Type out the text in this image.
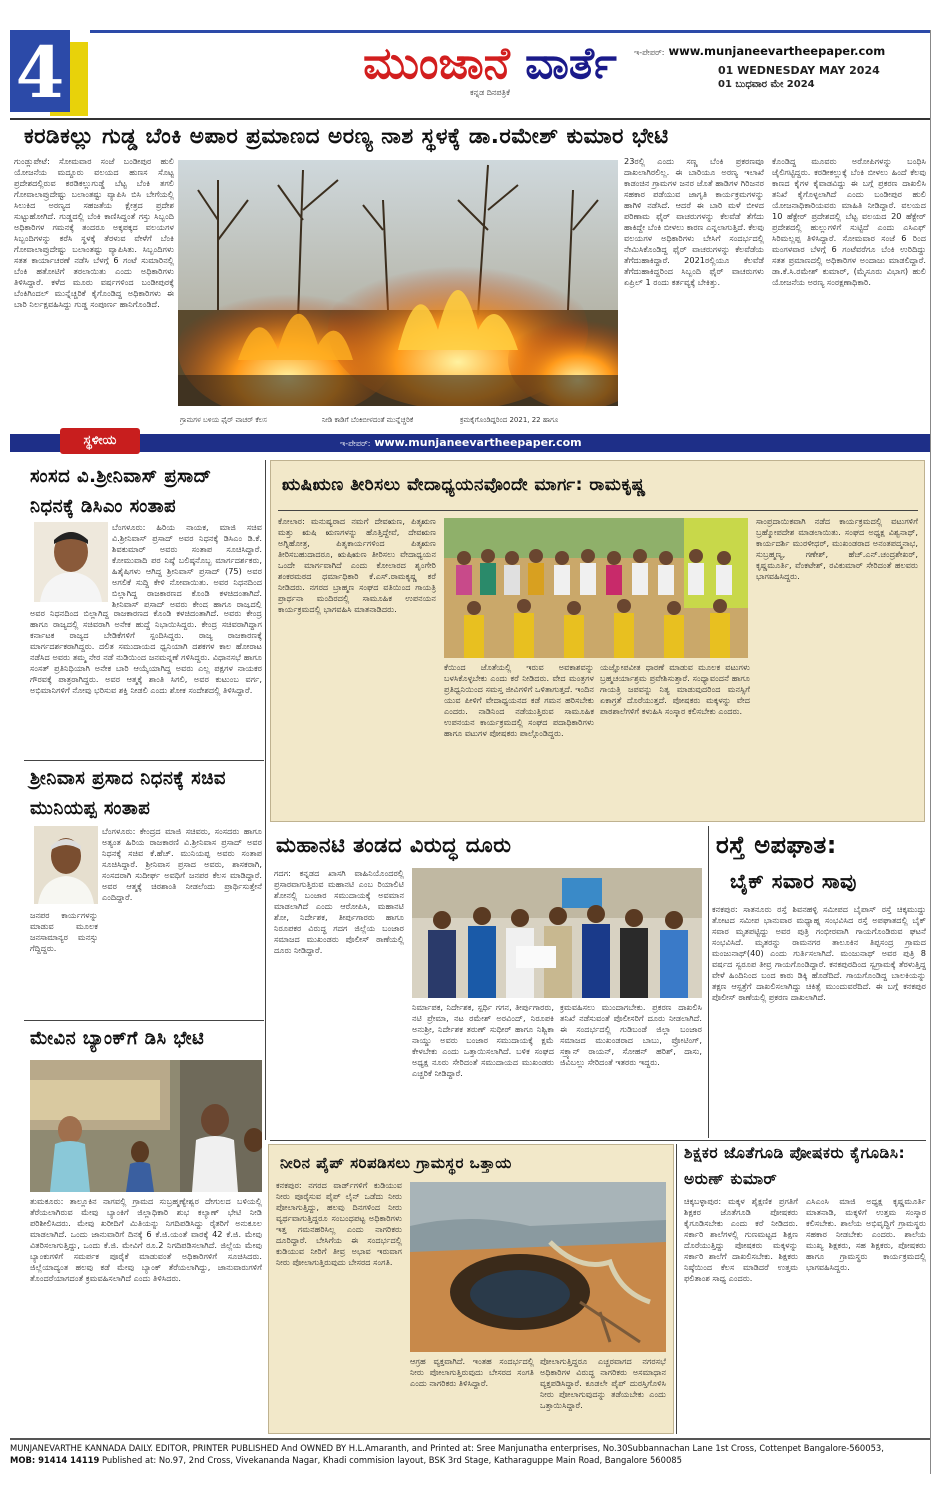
4	ಮುಂಜಾನೆ ವಾರ್ತೆ
ಕನ್ನಡ ದಿನಪತ್ರಿಕೆ
ಇ-ಪೇಪರ್: www.munjaneevartheepaper.com
01 WEDNESDAY MAY 2024
01 ಬುಧವಾರ ಮೇ 2024
ಕರಡಿಕಲ್ಲು ಗುಡ್ಡ ಬೆಂಕಿ ಅಪಾರ ಪ್ರಮಾಣದ ಅರಣ್ಯ ನಾಶ ಸ್ಥಳಕ್ಕೆ ಡಾ.ರಮೇಶ್ ಕುಮಾರ ಭೇಟಿ
ಗುಂಡ್ಲುಪೇಟೆ: ಸೋಮವಾರ ಸಂಜೆ ಬಂಡೀಪುರ ಹುಲಿ ಯೋಜನೆಯ ಮದ್ದೂರು ವಲಯದ ಹುಣಸ ಸೊಟ್ಟ ಪ್ರದೇಶದಲ್ಲಿರುವ ಕರಡಿಕಲ್ಲುಗುಡ್ಡೆ ಬೆಟ್ಟ ಬೆಂಕಿ ತಗಲಿ ಗೋವಾಲಾಪ್ರುದೇಷ್ಟು ಬಲಾಂತಷ್ಟು ವ್ಯಾಪಿಸಿ ಬಿಸಿ ಬೇಗೆಯಲ್ಲಿ ಸಿಲುಕಿದ ಅರಣ್ಯದ ಸಹಜತೆಯ ಕ್ಷೇತ್ರದ ಪ್ರದೇಶ ಸುಟ್ಟುಹೋಗಿದೆ. ಗುಡ್ಡದಲ್ಲಿ ಬೆಂಕಿ ಕಾಣಿಸಿದ್ದಂತೆ ಗಸ್ತು ಸಿಬ್ಬಂದಿ ಅಧಿಕಾರಿಗಳ ಗಮನಕ್ಕೆ ತಂದರೂ ಅಕ್ಕಪಕ್ಕದ ವಲಯಗಳ ಸಿಬ್ಬಂದಿಗಳನ್ನು ಕರೆಸಿ ಸ್ಥಳಕ್ಕೆ ತೆರಳುವ ವೇಳೆಗೆ ಬೆಂಕಿ ಗೋವಾಲಾಪ್ರುದೇಷ್ಟು ಬಲಾಂತಷ್ಟು ವ್ಯಾಪಿಸಿತು. ಸಿಬ್ಬಂದಿಗಳು ಸತತ ಕಾರ್ಯಾಚರಣೆ ನಡೆಸಿ ಬೆಳಗ್ಗೆ 6 ಗಂಟೆ ಸುಮಾರಿನಲ್ಲಿ ಬೆಂಕಿ ಹತೋಟಿಗೆ ತರಲಾಯಿತು ಎಂದು ಅಧಿಕಾರಿಗಳು ತಿಳಿಸಿದ್ದಾರೆ. ಕಳೆದ ಮೂರು ವರ್ಷಗಳಿಂದ ಬಂಡೀಪುರಕ್ಕೆ ಬೆಂಕಿಗಿಂದಲ್ ಮುನ್ನೆಚ್ಚರಿಕೆ ಕೈಗೊಂಡಿದ್ದ ಅಧಿಕಾರಿಗಳು ಈ ಬಾರಿ ನಿರ್ಲಕ್ಷವಹಿಸಿದ್ದು ಗುಡ್ಡ ಸಂಪೂರ್ಣ ಹಾನಿಗೊಂಡಿದೆ.
ಗ್ರಾಮಗಳ ಬಳಿಯ ಫೈರ್ ವಾಚರ್ ಕೆಲಸ	ನೀಡಿ ಕಾಡಿಗೆ ಬೆಂಕಿಬೀಳದಂತೆ ಮುನ್ನೆಚ್ಚರಿಕೆ	ಕ್ರಮಕೈಗೊಂಡಿದ್ದರಿಂದ 2021, 22 ಹಾಗೂ
23ರಲ್ಲಿ ಎಂದು ಸಣ್ಣ ಬೆಂಕಿ ಪ್ರಕರಣವೂ ದಾಖಲಾಗಿರಲಿಲ್ಲ. ಈ ಬಾರಿಯೂ ಅರಣ್ಯ ಇಲಾಖೆ ಕಾಡಂಚಿನ ಗ್ರಾಮಗಳ ಜನರ ಜೊತೆ ಹಾಡಿಗಳ ಗಿರಿಜನರ ಸಹಕಾರ ಪಡೆಯುವ ಜಾಗೃತಿ ಕಾರ್ಯಕ್ರಮಗಳನ್ನು ಹಾಗಿಳಿ ನಡೆಸಿದೆ. ಆದರೆ ಈ ಬಾರಿ ಮಳೆ ಬೀಳದ ಪರಿಣಾಮ ಫೈರ್ ವಾಚರುಗಳನ್ನು ಕೆಲವೆಡೆ ತೆಗೆದು ಹಾಕಿದ್ದೇ ಬೆಂಕಿ ಬೀಳಲು ಕಾರಣ ಎನ್ನಲಾಗುತ್ತಿದೆ. ಕೆಲವು ವಲಯಗಳ ಅಧಿಕಾರಿಗಳು ಬೇಸಿಗೆ ಸಂದರ್ಭದಲ್ಲಿ ನೇಮಿಸಿಕೊಂಡಿದ್ದ ಫೈರ್ ವಾಚರುಗಳನ್ನು ಕೆಲವೆಡೆಯ ತೆಗೆದುಹಾಕಿದ್ದಾರೆ. 2021ರಲ್ಲಿಯೂ ಕೆಲವೆಡೆ ತೆಗೆದುಹಾಕಿದ್ದರಿಂದ ಸಿಬ್ಬಂದಿ ಫೈರ್ ವಾಚರುಗಳು ಏಪ್ರಿಲ್ 1 ರಂದು ಕರ್ತವ್ಯಕ್ಕೆ ಬೇಕಿತ್ತು.
ಕೊಂಡಿದ್ದ ಮೂವರು ಅರೋಪಿಗಳನ್ನು ಬಂಧಿಸಿ ಜೈಲಿಗಟ್ಟಿದ್ದರು. ಕರಡೀಕಲ್ಲುಕ್ಕೆ ಬೆಂಕಿ ಬೀಳಲು ಹಿಂದೆ ಕೆಲವು ಕಾಣದ ಕೈಗಳ ಕೈವಾಡವಿದ್ದು ಈ ಬಗ್ಗೆ ಪ್ರಕರಣ ದಾಖಲಿಸಿ ತನಿಖೆ ಕೈಗೊಳ್ಳಲಾಗಿದೆ ಎಂದು ಬಂಡೀಪುರ ಹುಲಿ ಯೋಜನಾಧಿಕಾರಿಯವರು ಮಾಹಿತಿ ನೀಡಿದ್ದಾರೆ. ವಲಯದ 10 ಹೆಕ್ಟೇರ್ ಪ್ರದೇಶದಲ್ಲಿ ಬೆಟ್ಟ ವಲಯದ 20 ಹೆಕ್ಟೇರ್ ಪ್ರದೇಶದಲ್ಲಿ ಹುಲ್ಲುಗಳಿಗೆ ಸುಟ್ಟಿದೆ ಎಂದು ಎಸಿಎಫ್ ಸಿರಿಮಲ್ಲಪ್ಪ ತಿಳಿಸಿದ್ದಾರೆ. ಸೋಮವಾರ ಸಂಜೆ 6 ರಿಂದ ಮಂಗಳವಾರ ಬೆಳಗ್ಗೆ 6 ಗಂಟೆವರೆಗೂ ಬೆಂಕಿ ಉರಿದಿದ್ದು ಸತತ ಪ್ರಮಾಣದಲ್ಲಿ ಅಧಿಕಾರಿಗಳ ಅಂದಾಜು ಮಾಡಲಿದ್ದಾರೆ. ಡಾ.ಕೆ.ಸಿ.ರಮೇಶ್ ಕುಮಾರ್, (ಮೈಸೂರು ವಿಭಾಗ) ಹುಲಿ ಯೋಜನೆಯ ಅರಣ್ಯ ಸಂರಕ್ಷಣಾಧಿಕಾರಿ.
ಇ-ಪೇಪರ್: www.munjaneevartheepaper.com
ಸ್ಥಳೀಯ
ಸಂಸದ ವಿ.ಶ್ರೀನಿವಾಸ್ ಪ್ರಸಾದ್ ನಿಧನಕ್ಕೆ ಡಿಸಿಎಂ ಸಂತಾಪ
ಬೆಂಗಳೂರು: ಹಿರಿಯ ನಾಯಕ, ಮಾಜಿ ಸಚಿವ ವಿ.ಶ್ರೀನಿವಾಸ್ ಪ್ರಸಾದ್ ಅವರ ನಿಧನಕ್ಕೆ ಡಿಸಿಎಂ ಡಿ.ಕೆ. ಶಿವಕುಮಾರ್ ಅವರು ಸಂತಾಪ ಸೂಚಿಸಿದ್ದಾರೆ. ಕೋಮುವಾದಿ ಪರ ನಿಷ್ಠೆ ಬಲಿಷ್ಠನೊಬ್ಬ ಮಾರ್ಗದರ್ಶಕರು, ಹಿತೈಷಿಗಳು ಆಗಿದ್ದ ಶ್ರೀನಿವಾಸ್ ಪ್ರಸಾದ್ (75) ಅವರ ಅಗಲಿಕೆ ಸುದ್ದಿ ಕೇಳಿ ನೋವಾಯಿತು. ಅವರ ನಿಧನದಿಂದ ಬಿಲ್ಲಾಗಿದ್ದ ರಾಜಕಾರಣದ ಕೊಂಡಿ ಕಳಚಿದಂತಾಗಿದೆ. ಶ್ರೀನಿವಾಸ್ ಪ್ರಸಾದ್ ಅವರು ಕೇಂದ್ರ ಹಾಗೂ ರಾಜ್ಯದಲ್ಲಿ
ಅವರ ನಿಧನದಿಂದ ಬಿಲ್ಲಾಗಿದ್ದ ರಾಜಕಾರಣದ ಕೊಂಡಿ ಕಳಚಿದಂತಾಗಿದೆ. ಅವರು ಕೇಂದ್ರ ಹಾಗೂ ರಾಜ್ಯದಲ್ಲಿ ಸಚಿವರಾಗಿ ಅನೇಕ ಹುದ್ದೆ ನಿಭಾಯಿಸಿದ್ದರು. ಕೇಂದ್ರ ಸಚಿವರಾಗಿದ್ದಾಗ ಕರ್ನಾಟಕ ರಾಜ್ಯದ ಬೇಡಿಕೆಗಳಿಗೆ ಸ್ಪಂದಿಸಿದ್ದರು. ರಾಜ್ಯ ರಾಜಕಾರಣಕ್ಕೆ ಮಾರ್ಗದರ್ಶಕರಾಗಿದ್ದರು. ದಲಿತ ಸಮುದಾಯದ ಧ್ವನಿಯಾಗಿ ದಶಕಗಳ ಕಾಲ ಹೋರಾಟ ನಡೆಸಿದ ಅವರು ತಮ್ಮ ನೇರ ನಡೆ ನುಡಿಯಿಂದ ಜನಮನ್ನಣೆ ಗಳಿಸಿದ್ದರು. ವಿಧಾನಸಭೆ ಹಾಗೂ ಸಂಸತ್ ಪ್ರತಿನಿಧಿಯಾಗಿ ಅನೇಕ ಬಾರಿ ಆಯ್ಕೆಯಾಗಿದ್ದ ಅವರು ಎಲ್ಲ ಪಕ್ಷಗಳ ನಾಯಕರ ಗೌರವಕ್ಕೆ ಪಾತ್ರರಾಗಿದ್ದರು. ಅವರ ಆತ್ಮಕ್ಕೆ ಶಾಂತಿ ಸಿಗಲಿ, ಅವರ ಕುಟುಂಬ ವರ್ಗ, ಅಭಿಮಾನಿಗಳಿಗೆ ನೋವು ಭರಿಸುವ ಶಕ್ತಿ ನೀಡಲಿ ಎಂದು ಶೋಕ ಸಂದೇಶದಲ್ಲಿ ತಿಳಿಸಿದ್ದಾರೆ.
ಶ್ರೀನಿವಾಸ ಪ್ರಸಾದ ನಿಧನಕ್ಕೆ ಸಚಿವ ಮುನಿಯಪ್ಪ ಸಂತಾಪ
ಬೆಂಗಳೂರು: ಕೇಂದ್ರದ ಮಾಜಿ ಸಚಿವರು, ಸಂಸದರು ಹಾಗೂ ಅತ್ಯಂತ ಹಿರಿಯ ರಾಜಕಾರಣಿ ವಿ.ಶ್ರೀನಿವಾಸ ಪ್ರಸಾದ್ ಅವರ ನಿಧನಕ್ಕೆ ಸಚಿವ ಕೆ.ಹೆಚ್. ಮುನಿಯಪ್ಪ ಅವರು ಸಂತಾಪ ಸೂಚಿಸಿದ್ದಾರೆ. ಶ್ರೀನಿವಾಸ ಪ್ರಸಾದ ಅವರು, ಶಾಸಕರಾಗಿ, ಸಂಸದರಾಗಿ ಸುದೀರ್ಘ ಅವಧಿಗೆ ಜನಪರ ಕೆಲಸ ಮಾಡಿದ್ದಾರೆ. ಅವರ ಆತ್ಮಕ್ಕೆ ಚಿರಶಾಂತಿ ನೀಡಲೆಂದು ಪ್ರಾರ್ಥಿಸುತ್ತೇನೆ ಎಂದಿದ್ದಾರೆ.
ಜನಪರ ಕಾರ್ಯಗಳನ್ನು ಮಾಡುವ ಮೂಲಕ ಜನಸಾಮಾನ್ಯರ ಮನಸ್ಸು ಗೆದ್ದಿದ್ದರು.
ಮೇವಿನ ಬ್ಯಾಂಕ್‌ಗೆ ಡಿಸಿ ಭೇಟಿ
ತುಮಕೂರು: ತಾಲ್ಲೂಕಿನ ನಾಗವಲ್ಲಿ ಗ್ರಾಮದ ಸುಬ್ರಹ್ಮಣ್ಯೇಶ್ವರ ದೇಗುಲದ ಬಳಿಯಲ್ಲಿ ತೆರೆಯಲಾಗಿರುವ ಮೇವು ಬ್ಯಾಂಕಿಗೆ ಜಿಲ್ಲಾಧಿಕಾರಿ ಶುಭ ಕಲ್ಯಾಣ್ ಭೇಟಿ ನೀಡಿ ಪರಿಶೀಲಿಸಿದರು. ಮೇವು ಖರೀದಿಗೆ ಮಿತಿಯನ್ನು ನಿಗದಿಪಡಿಸಿದ್ದು ರೈತರಿಗೆ ಅನುಕೂಲ ಮಾಡಲಾಗಿದೆ. ಒಂದು ಜಾನುವಾರಿಗೆ ದಿನಕ್ಕೆ 6 ಕೆ.ಜಿ.ಯಂತೆ ವಾರಕ್ಕೆ 42 ಕೆ.ಜಿ. ಮೇವು ವಿತರಿಸಲಾಗುತ್ತಿದ್ದು, ಒಂದು ಕೆ.ಜಿ. ಮೇವಿಗೆ ರೂ.2 ನಿಗದಿಪಡಿಸಲಾಗಿದೆ. ಜಿಲ್ಲೆಯ ಮೇವು ಬ್ಯಾಂಕುಗಳಿಗೆ ಸಮರ್ಪಕ ಪೂರೈಕೆ ಮಾಡುವಂತೆ ಅಧಿಕಾರಿಗಳಿಗೆ ಸೂಚಿಸಿದರು. ಜಿಲ್ಲೆಯಾದ್ಯಂತ ಹಲವು ಕಡೆ ಮೇವು ಬ್ಯಾಂಕ್ ತೆರೆಯಲಾಗಿದ್ದು, ಜಾನುವಾರುಗಳಿಗೆ ತೊಂದರೆಯಾಗದಂತೆ ಕ್ರಮವಹಿಸಲಾಗಿದೆ ಎಂದು ತಿಳಿಸಿದರು.
ಋಷಿಋಣ ತೀರಿಸಲು ವೇದಾಧ್ಯಯನವೊಂದೇ ಮಾರ್ಗ: ರಾಮಕೃಷ್ಣ
ಕೋಲಾರ: ಮನುಷ್ಯರಾದ ನಮಗೆ ದೇವಋಣ, ಪಿತೃಋಣ ಮತ್ತು ಋಷಿ ಋಣಗಳನ್ನು ಹೊತ್ತಿದ್ದೇವೆ, ದೇವಋಣ ಅಗ್ನಿಹೋತ್ರ, ಪಿತೃಕಾರ್ಯಗಳಿಂದ ಪಿತೃಋಣ ತೀರಿಸಬಹುದಾದರೂ, ಋಷಿಋಣ ತೀರಿಸಲು ವೇದಾಧ್ಯಯನ ಒಂದೇ ಮಾರ್ಗವಾಗಿದೆ ಎಂದು ಕೋಲಾರದ ಶೃಂಗೇರಿ ಶಂಕರಮಠದ ಧರ್ಮಾಧಿಕಾರಿ ಕೆ.ಎಸ್.ರಾಮಕೃಷ್ಣ ಕರೆ ನೀಡಿದರು. ನಗರದ ಬ್ರಾಹ್ಮಣ ಸಂಘದ ವತಿಯಿಂದ ಗಾಯತ್ರಿ ಪ್ರಾರ್ಥನಾ ಮಂದಿರದಲ್ಲಿ ಸಾಮೂಹಿಕ ಉಪನಯನ ಕಾರ್ಯಕ್ರಮದಲ್ಲಿ ಭಾಗವಹಿಸಿ ಮಾತನಾಡಿದರು.
ಕೆಯಿಂದ ಜೊತೆಯಲ್ಲಿ ಇರುವ ಅವಕಾಶವನ್ನು ಬಳಸಿಕೊಳ್ಳಬೇಕು ಎಂದು ಕರೆ ನೀಡಿದರು. ವೇದ ಮಂತ್ರಗಳ ಪ್ರತಿಧ್ವನಿಯಿಂದ ಸಮಸ್ತ ಜೀವಿಗಳಿಗೆ ಒಳಿತಾಗುತ್ತದೆ. ಇಂದಿನ ಯುವ ಪೀಳಿಗೆ ವೇದಾಧ್ಯಯನದ ಕಡೆ ಗಮನ ಹರಿಸಬೇಕು ಎಂದರು. ನಾಡಿನಿಂದ ನಡೆಯುತ್ತಿರುವ ಸಾಮೂಹಿಕ ಉಪನಯನ ಕಾರ್ಯಕ್ರಮದಲ್ಲಿ ಸಂಘದ ಪದಾಧಿಕಾರಿಗಳು ಹಾಗೂ ವಟುಗಳ ಪೋಷಕರು ಪಾಲ್ಗೊಂಡಿದ್ದರು.
ಯಜ್ಞೋಪವೀತ ಧಾರಣೆ ಮಾಡುವ ಮೂಲಕ ವಟುಗಳು ಬ್ರಹ್ಮಚರ್ಯಾಶ್ರಮ ಪ್ರವೇಶಿಸುತ್ತಾರೆ. ಸಂಧ್ಯಾವಂದನೆ ಹಾಗೂ ಗಾಯತ್ರಿ ಜಪವನ್ನು ನಿತ್ಯ ಮಾಡುವುದರಿಂದ ಮನಸ್ಸಿಗೆ ಏಕಾಗ್ರತೆ ದೊರೆಯುತ್ತದೆ. ಪೋಷಕರು ಮಕ್ಕಳನ್ನು ವೇದ ಪಾಠಶಾಲೆಗಳಿಗೆ ಕಳುಹಿಸಿ ಸಂಸ್ಕಾರ ಕಲಿಸಬೇಕು ಎಂದರು.
ಸಾಂಪ್ರದಾಯಿಕವಾಗಿ ನಡೆದ ಕಾರ್ಯಕ್ರಮದಲ್ಲಿ ವಟುಗಳಿಗೆ ಬ್ರಹ್ಮೋಪದೇಶ ಮಾಡಲಾಯಿತು. ಸಂಘದ ಅಧ್ಯಕ್ಷ ವಿಶ್ವನಾಥ್, ಕಾರ್ಯದರ್ಶಿ ಮುರಳೀಧರ್, ಮುಖಂಡರಾದ ಅನಂತಪದ್ಮನಾಭ, ಸುಬ್ರಹ್ಮಣ್ಯ, ಗಣೇಶ್, ಹೆಚ್.ಎನ್.ಚಂದ್ರಶೇಖರ್, ಕೃಷ್ಣಮೂರ್ತಿ, ವೆಂಕಟೇಶ್, ರವಿಕುಮಾರ್ ಸೇರಿದಂತೆ ಹಲವರು ಭಾಗವಹಿಸಿದ್ದರು.
ಮಹಾನಟಿ ತಂಡದ ವಿರುದ್ಧ ದೂರು
ಗದಗ: ಕನ್ನಡದ ಖಾಸಗಿ ವಾಹಿನಿಯೊಂದರಲ್ಲಿ ಪ್ರಸಾರವಾಗುತ್ತಿರುವ ಮಹಾನಟಿ ಎಂಬ ರಿಯಾಲಿಟಿ ಶೋನಲ್ಲಿ ಬಂಜಾರ ಸಮುದಾಯಕ್ಕೆ ಅವಮಾನ ಮಾಡಲಾಗಿದೆ ಎಂದು ಆರೋಪಿಸಿ, ಮಹಾನಟಿ ಶೋ, ನಿರ್ದೇಶಕ, ತೀರ್ಪುಗಾರರು ಹಾಗೂ ನಿರೂಪಕರ ವಿರುದ್ಧ ಗದಗ ಜಿಲ್ಲೆಯ ಬಂಜಾರ ಸಮಾಜದ ಮುಖಂಡರು ಪೊಲೀಸ್ ಠಾಣೆಯಲ್ಲಿ ದೂರು ನೀಡಿದ್ದಾರೆ.
ನಿರ್ಮಾಪಕ, ನಿರ್ದೇಶಕ, ಸ್ಪರ್ಧಿ ಗಗನ, ತೀರ್ಪುಗಾರರು, ನಟಿ ಪ್ರೇಮಾ, ನಟ ರಮೇಶ್ ಅರವಿಂದ್, ನಿರೂಪಕಿ ಅನುಶ್ರೀ, ನಿರ್ದೇಶಕ ತರುಣ್ ಸುಧೀರ್ ಹಾಗೂ ನಿಶ್ವಿಕಾ ನಾಯ್ಡು ಅವರು ಬಂಜಾರ ಸಮುದಾಯಕ್ಕೆ ಕ್ಷಮೆ ಕೇಳಬೇಕು ಎಂದು ಒತ್ತಾಯಿಸಲಾಗಿದೆ. ಬಳಿಕ ಸಂಘದ ಅಧ್ಯಕ್ಷ ನೂರು ಸೇರಿದಂತೆ ಸಮುದಾಯದ ಮುಖಂಡರು ಎಚ್ಚರಿಕೆ ನೀಡಿದ್ದಾರೆ.
ಕ್ರಮವಹಿಸಲು ಮುಂದಾಗಬೇಕು. ಪ್ರಕರಣ ದಾಖಲಿಸಿ ತನಿಖೆ ನಡೆಸುವಂತೆ ಪೊಲೀಸರಿಗೆ ದೂರು ನೀಡಲಾಗಿದೆ. ಈ ಸಂದರ್ಭದಲ್ಲಿ ಗುಡಿಬಂಡೆ ಜಿಲ್ಲಾ ಬಂಜಾರ ಸಮಾಜದ ಮುಖಂಡರಾದ ಬಾಬು, ಪ್ರೋಟಿಂಗ್, ಸಕ್ರ್ಯಾನ್ ರಾಯನ್, ಸೋಹನ್ ಹರಿಶ್, ದಾಸು, ಜಿವಿಬಲ್ಲು ಸೇರಿದಂತೆ ಇತರರು ಇದ್ದರು.
ರಸ್ತೆ ಅಪಘಾತ:
ಬೈಕ್ ಸವಾರ ಸಾವು
ಕನಕಪುರ: ಸಾತನೂರು ರಸ್ತೆ ಶಿವನಹಳ್ಳಿ ಸಮೀಪದ ಬೈಪಾಸ್ ರಸ್ತೆ ಚಿಕ್ಕಮುದ್ದು ತೋಟದ ಸಮೀಪ ಭಾನುವಾರ ಮಧ್ಯಾಹ್ನ ಸಂಭವಿಸಿದ ರಸ್ತೆ ಅಪಘಾತದಲ್ಲಿ ಬೈಕ್ ಸವಾರ ಮೃತಪಟ್ಟಿದ್ದು ಅವರ ಪುತ್ರಿ ಗಂಭೀರವಾಗಿ ಗಾಯಗೊಂಡಿರುವ ಘಟನೆ ಸಂಭವಿಸಿದೆ. ಮೃತರನ್ನು ರಾಮನಗರ ತಾಲೂಕಿನ ತಿಪ್ಪಸಂದ್ರ ಗ್ರಾಮದ ಮಂಜುನಾಥ್(40) ಎಂದು ಗುರ್ತಿಸಲಾಗಿದೆ. ಮಂಜುನಾಥ್ ಅವರ ಪುತ್ರಿ 8 ವರ್ಷದ ಸ್ವರೂಪ ತೀವ್ರ ಗಾಯಗೊಂಡಿದ್ದಾರೆ. ಕನಕಪುರದಿಂದ ಸ್ವಗ್ರಾಮಕ್ಕೆ ತೆರಳುತ್ತಿದ್ದ ವೇಳೆ ಹಿಂದಿನಿಂದ ಬಂದ ಕಾರು ಡಿಕ್ಕಿ ಹೊಡೆದಿದೆ. ಗಾಯಗೊಂಡಿದ್ದ ಬಾಲಕಿಯನ್ನು ತಕ್ಷಣ ಆಸ್ಪತ್ರೆಗೆ ದಾಖಲಿಸಲಾಗಿದ್ದು ಚಿಕಿತ್ಸೆ ಮುಂದುವರೆದಿದೆ. ಈ ಬಗ್ಗೆ ಕನಕಪುರ ಪೊಲೀಸ್ ಠಾಣೆಯಲ್ಲಿ ಪ್ರಕರಣ ದಾಖಲಾಗಿದೆ.
ನೀರಿನ ಪೈಪ್ ಸರಿಪಡಿಸಲು ಗ್ರಾಮಸ್ಥರ ಒತ್ತಾಯ
ಕನಕಪುರ: ನಗರದ ವಾರ್ಡ್‌ಗಳಿಗೆ ಕುಡಿಯುವ ನೀರು ಪೂರೈಸುವ ಪೈಪ್ ಲೈನ್ ಒಡೆದು ನೀರು ಪೋಲಾಗುತ್ತಿದ್ದು, ಹಲವು ದಿನಗಳಿಂದ ನೀರು ವ್ಯರ್ಥವಾಗುತ್ತಿದ್ದರೂ ಸಂಬಂಧಪಟ್ಟ ಅಧಿಕಾರಿಗಳು ಇತ್ತ ಗಮನಹರಿಸಿಲ್ಲ ಎಂದು ನಾಗರಿಕರು ದೂರಿದ್ದಾರೆ. ಬೇಸಿಗೆಯ ಈ ಸಂದರ್ಭದಲ್ಲಿ ಕುಡಿಯುವ ನೀರಿಗೆ ತೀವ್ರ ಅಭಾವ ಇರುವಾಗ ನೀರು ಪೋಲಾಗುತ್ತಿರುವುದು ಬೇಸರದ ಸಂಗತಿ.
ಆಗ್ರಹ ವ್ಯಕ್ತವಾಗಿದೆ. ಇಂತಹ ಸಂದರ್ಭದಲ್ಲಿ ನೀರು ಪೋಲಾಗುತ್ತಿರುವುದು ಬೇಸರದ ಸಂಗತಿ ಎಂದು ನಾಗರಿಕರು ತಿಳಿಸಿದ್ದಾರೆ.
ಪೋಲಾಗುತ್ತಿದ್ದರೂ ಎಚ್ಚರವಾಗದ ನಗರಸಭೆ ಅಧಿಕಾರಿಗಳ ವಿರುದ್ಧ ನಾಗರಿಕರು ಅಸಮಾಧಾನ ವ್ಯಕ್ತಪಡಿಸಿದ್ದಾರೆ. ಕೂಡಲೇ ಪೈಪ್ ದುರಸ್ತಿಗೊಳಿಸಿ ನೀರು ಪೋಲಾಗುವುದನ್ನು ತಡೆಯಬೇಕು ಎಂದು ಒತ್ತಾಯಿಸಿದ್ದಾರೆ.
ಶಿಕ್ಷಕರ ಜೊತೆಗೂಡಿ ಪೋಷಕರು ಕೈಗೂಡಿಸಿ: ಅರುಣ್ ಕುಮಾರ್
ಚಿಕ್ಕಬಳ್ಳಾಪುರ: ಮಕ್ಕಳ ಶೈಕ್ಷಣಿಕ ಪ್ರಗತಿಗೆ ಶಿಕ್ಷಕರ ಜೊತೆಗೂಡಿ ಪೋಷಕರು ಕೈಗೂಡಿಸಬೇಕು ಎಂದು ಕರೆ ನೀಡಿದರು. ಸರ್ಕಾರಿ ಶಾಲೆಗಳಲ್ಲಿ ಗುಣಮಟ್ಟದ ಶಿಕ್ಷಣ ದೊರೆಯುತ್ತಿದ್ದು ಪೋಷಕರು ಮಕ್ಕಳನ್ನು ಸರ್ಕಾರಿ ಶಾಲೆಗೆ ದಾಖಲಿಸಬೇಕು. ಶಿಕ್ಷಕರು ನಿಷ್ಠೆಯಿಂದ ಕೆಲಸ ಮಾಡಿದರೆ ಉತ್ತಮ ಫಲಿತಾಂಶ ಸಾಧ್ಯ ಎಂದರು.
ಎಸಿಎಂಸಿ ಮಾಜಿ ಅಧ್ಯಕ್ಷ ಕೃಷ್ಣಮೂರ್ತಿ ಮಾತನಾಡಿ, ಮಕ್ಕಳಿಗೆ ಉತ್ತಮ ಸಂಸ್ಕಾರ ಕಲಿಸಬೇಕು. ಶಾಲೆಯ ಅಭಿವೃದ್ಧಿಗೆ ಗ್ರಾಮಸ್ಥರು ಸಹಕಾರ ನೀಡಬೇಕು ಎಂದರು. ಶಾಲೆಯ ಮುಖ್ಯ ಶಿಕ್ಷಕರು, ಸಹ ಶಿಕ್ಷಕರು, ಪೋಷಕರು ಹಾಗೂ ಗ್ರಾಮಸ್ಥರು ಕಾರ್ಯಕ್ರಮದಲ್ಲಿ ಭಾಗವಹಿಸಿದ್ದರು.
MUNJANEVARTHE KANNADA DAILY. EDITOR, PRINTER PUBLISHED And OWNED BY H.L.Amaranth, and Printed at: Sree Manjunatha enterprises, No.30Subbannachan Lane 1st Cross, Cottenpet Bangalore-560053,
MOB: 91414 14119 Published at: No.97, 2nd Cross, Vivekananda Nagar, Khadi commision layout, BSK 3rd Stage, Katharaguppe Main Road, Bangalore 560085
